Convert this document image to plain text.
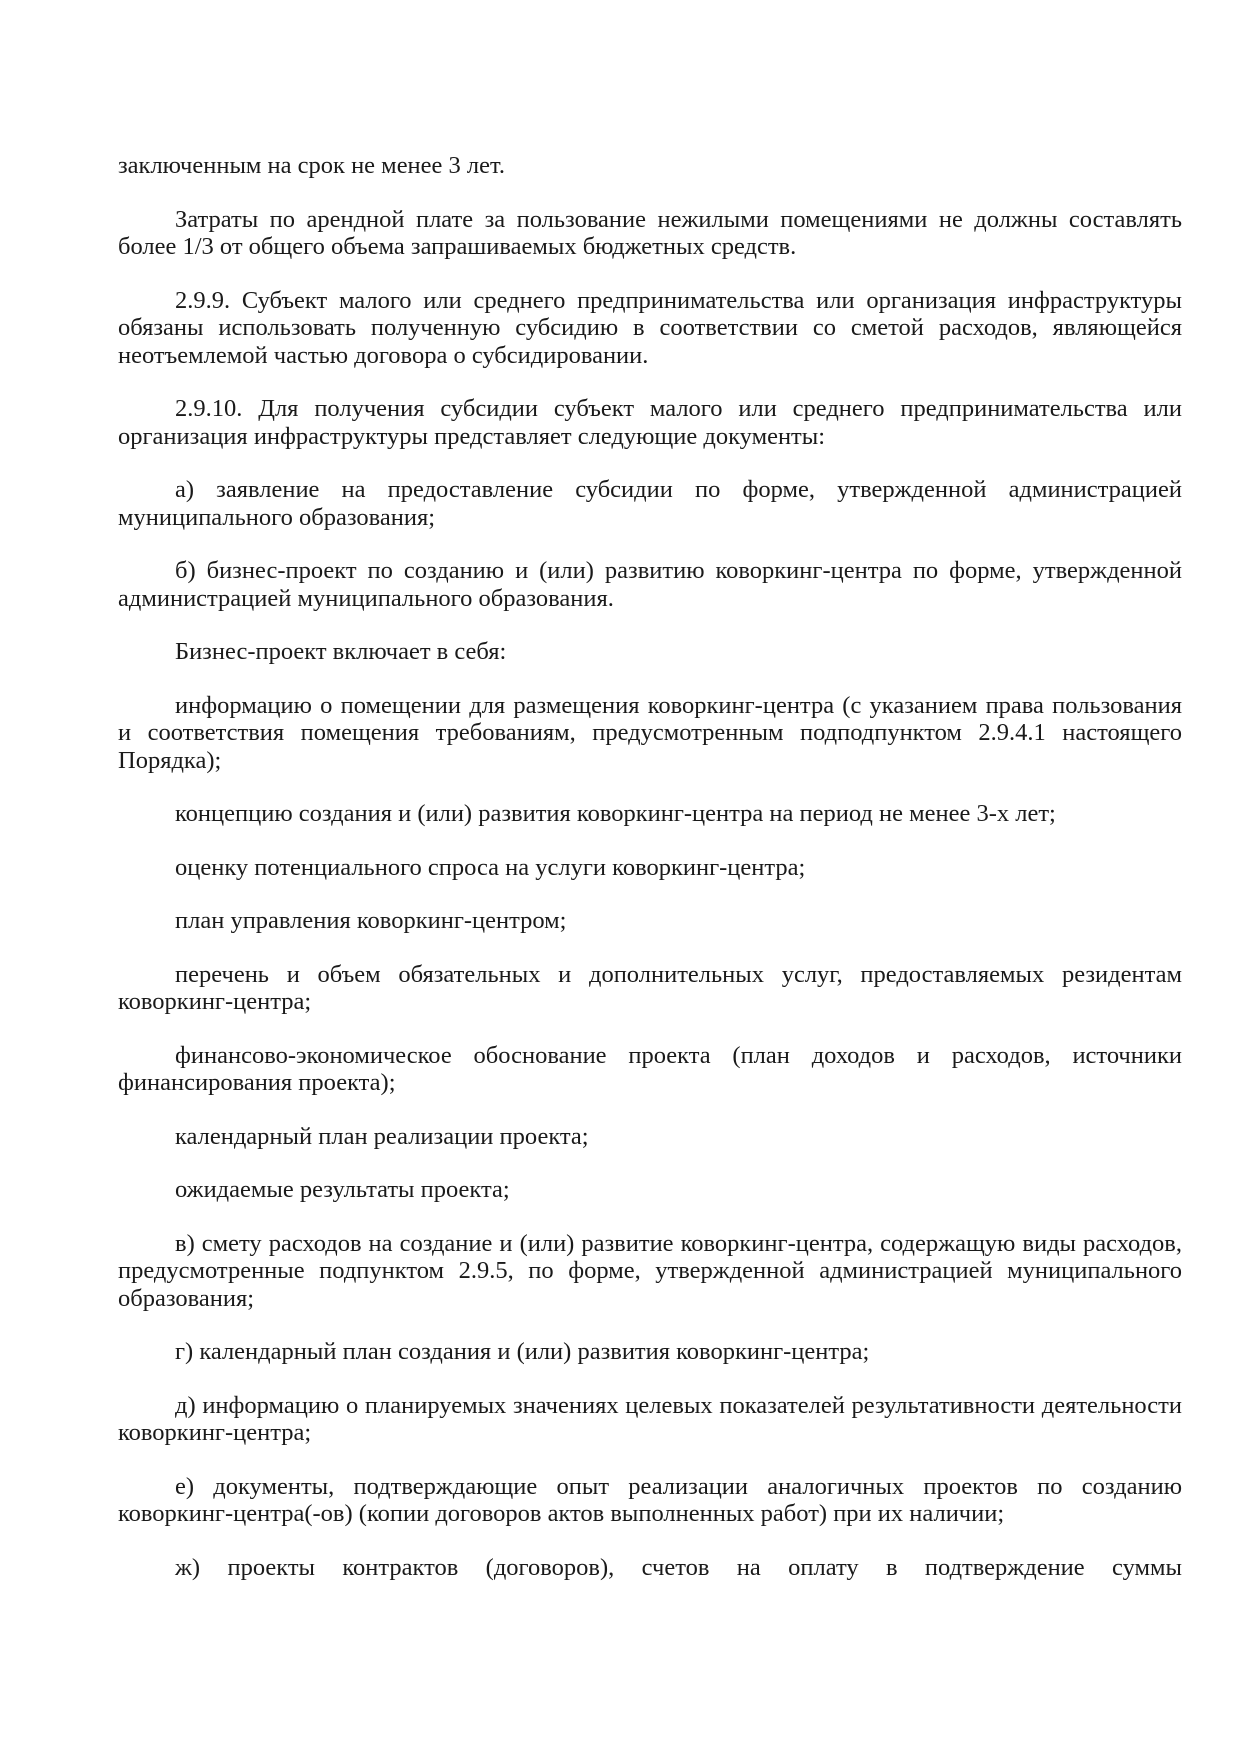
заключенным на срок не менее 3 лет.

Затраты по арендной плате за пользование нежилыми помещениями не должны составлять более 1/3 от общего объема запрашиваемых бюджетных средств.

2.9.9. Субъект малого или среднего предпринимательства или организация инфраструктуры обязаны использовать полученную субсидию в соответствии со сметой расходов, являющейся неотъемлемой частью договора о субсидировании.

2.9.10. Для получения субсидии субъект малого или среднего предпринимательства или организация инфраструктуры представляет следующие документы:

а) заявление на предоставление субсидии по форме, утвержденной администрацией муниципального образования;

б) бизнес-проект по созданию и (или) развитию коворкинг-центра по форме, утвержденной администрацией муниципального образования.

Бизнес-проект включает в себя:

информацию о помещении для размещения коворкинг-центра (с указанием права пользования и соответствия помещения требованиям, предусмотренным подподпунктом 2.9.4.1 настоящего Порядка);

концепцию создания и (или) развития коворкинг-центра на период не менее 3-х лет;

оценку потенциального спроса на услуги коворкинг-центра;

план управления коворкинг-центром;

перечень и объем обязательных и дополнительных услуг, предоставляемых резидентам коворкинг-центра;

финансово-экономическое обоснование проекта (план доходов и расходов, источники финансирования проекта);

календарный план реализации проекта;

ожидаемые результаты проекта;

в) смету расходов на создание и (или) развитие коворкинг-центра, содержащую виды расходов, предусмотренные подпунктом 2.9.5, по форме, утвержденной администрацией муниципального образования;

г) календарный план создания и (или) развития коворкинг-центра;

д) информацию о планируемых значениях целевых показателей результативности деятельности коворкинг-центра;

е) документы, подтверждающие опыт реализации аналогичных проектов по созданию коворкинг-центра(-ов) (копии договоров актов выполненных работ) при их наличии;

ж) проекты контрактов (договоров), счетов на оплату в подтверждение суммы
